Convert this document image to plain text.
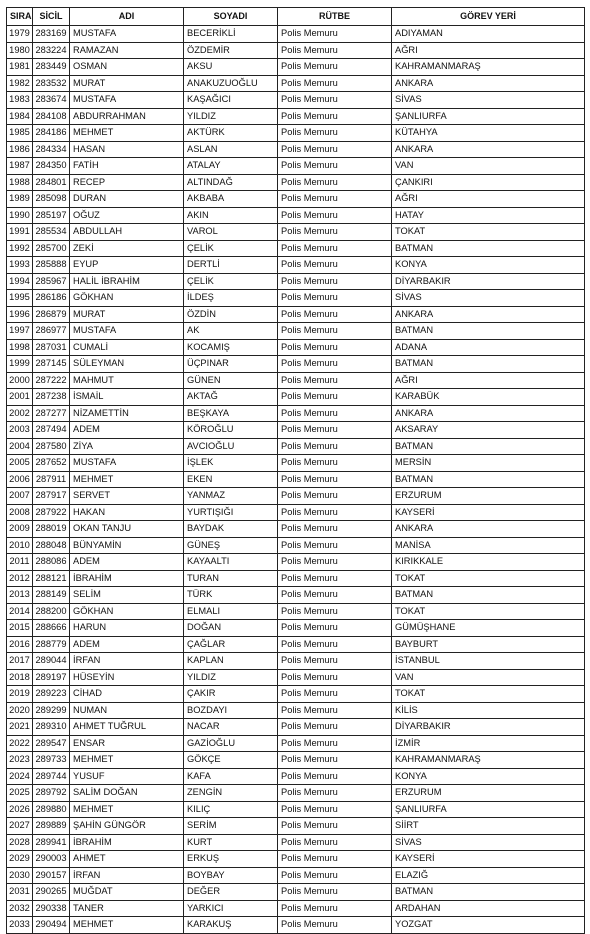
SIRA	SİCİL	ADI	SOYADI	RÜTBE	GÖREV YERİ
1979	283169	MUSTAFA	BECERİKLİ	Polis Memuru	ADIYAMAN
1980	283224	RAMAZAN	ÖZDEMİR	Polis Memuru	AĞRI
1981	283449	OSMAN	AKSU	Polis Memuru	KAHRAMANMARAŞ
1982	283532	MURAT	ANAKUZUOĞLU	Polis Memuru	ANKARA
1983	283674	MUSTAFA	KAŞAĞICI	Polis Memuru	SİVAS
1984	284108	ABDURRAHMAN	YILDIZ	Polis Memuru	ŞANLIURFA
1985	284186	MEHMET	AKTÜRK	Polis Memuru	KÜTAHYA
1986	284334	HASAN	ASLAN	Polis Memuru	ANKARA
1987	284350	FATİH	ATALAY	Polis Memuru	VAN
1988	284801	RECEP	ALTINDAĞ	Polis Memuru	ÇANKIRI
1989	285098	DURAN	AKBABA	Polis Memuru	AĞRI
1990	285197	OĞUZ	AKIN	Polis Memuru	HATAY
1991	285534	ABDULLAH	VAROL	Polis Memuru	TOKAT
1992	285700	ZEKİ	ÇELİK	Polis Memuru	BATMAN
1993	285888	EYUP	DERTLİ	Polis Memuru	KONYA
1994	285967	HALİL İBRAHİM	ÇELİK	Polis Memuru	DİYARBAKIR
1995	286186	GÖKHAN	İLDEŞ	Polis Memuru	SİVAS
1996	286879	MURAT	ÖZDİN	Polis Memuru	ANKARA
1997	286977	MUSTAFA	AK	Polis Memuru	BATMAN
1998	287031	CUMALİ	KOCAMIŞ	Polis Memuru	ADANA
1999	287145	SÜLEYMAN	ÜÇPINAR	Polis Memuru	BATMAN
2000	287222	MAHMUT	GÜNEN	Polis Memuru	AĞRI
2001	287238	İSMAİL	AKTAĞ	Polis Memuru	KARABÜK
2002	287277	NİZAMETTİN	BEŞKAYA	Polis Memuru	ANKARA
2003	287494	ADEM	KÖROĞLU	Polis Memuru	AKSARAY
2004	287580	ZİYA	AVCIOĞLU	Polis Memuru	BATMAN
2005	287652	MUSTAFA	İŞLEK	Polis Memuru	MERSİN
2006	287911	MEHMET	EKEN	Polis Memuru	BATMAN
2007	287917	SERVET	YANMAZ	Polis Memuru	ERZURUM
2008	287922	HAKAN	YURTIŞIĞI	Polis Memuru	KAYSERİ
2009	288019	OKAN TANJU	BAYDAK	Polis Memuru	ANKARA
2010	288048	BÜNYAMİN	GÜNEŞ	Polis Memuru	MANİSA
2011	288086	ADEM	KAYAALTI	Polis Memuru	KIRIKKALE
2012	288121	İBRAHİM	TURAN	Polis Memuru	TOKAT
2013	288149	SELİM	TÜRK	Polis Memuru	BATMAN
2014	288200	GÖKHAN	ELMALI	Polis Memuru	TOKAT
2015	288666	HARUN	DOĞAN	Polis Memuru	GÜMÜŞHANE
2016	288779	ADEM	ÇAĞLAR	Polis Memuru	BAYBURT
2017	289044	İRFAN	KAPLAN	Polis Memuru	İSTANBUL
2018	289197	HÜSEYİN	YILDIZ	Polis Memuru	VAN
2019	289223	CİHAD	ÇAKIR	Polis Memuru	TOKAT
2020	289299	NUMAN	BOZDAYI	Polis Memuru	KİLİS
2021	289310	AHMET TUĞRUL	NACAR	Polis Memuru	DİYARBAKIR
2022	289547	ENSAR	GAZİOĞLU	Polis Memuru	İZMİR
2023	289733	MEHMET	GÖKÇE	Polis Memuru	KAHRAMANMARAŞ
2024	289744	YUSUF	KAFA	Polis Memuru	KONYA
2025	289792	SALİM DOĞAN	ZENGİN	Polis Memuru	ERZURUM
2026	289880	MEHMET	KILIÇ	Polis Memuru	ŞANLIURFA
2027	289889	ŞAHİN GÜNGÖR	SERİM	Polis Memuru	SİİRT
2028	289941	İBRAHİM	KURT	Polis Memuru	SİVAS
2029	290003	AHMET	ERKUŞ	Polis Memuru	KAYSERİ
2030	290157	İRFAN	BOYBAY	Polis Memuru	ELAZIĞ
2031	290265	MUĞDAT	DEĞER	Polis Memuru	BATMAN
2032	290338	TANER	YARKICI	Polis Memuru	ARDAHAN
2033	290494	MEHMET	KARAKUŞ	Polis Memuru	YOZGAT
